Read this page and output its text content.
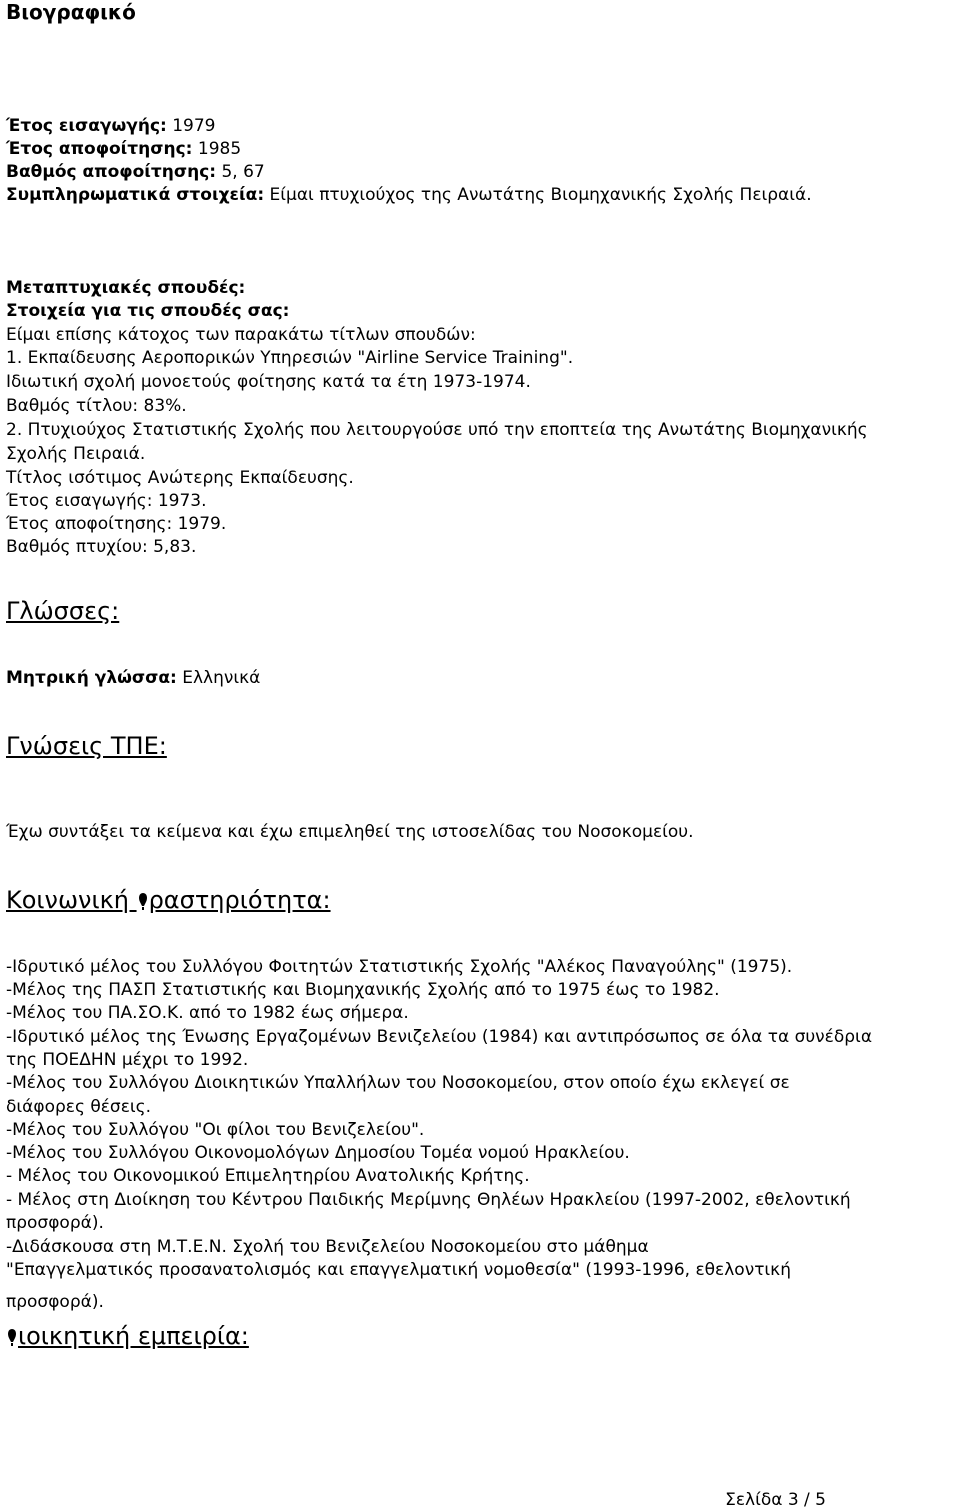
Βιογραφικό
Έτος εισαγωγής: 1979
Έτος αποφοίτησης: 1985
Βαθμός αποφοίτησης: 5, 67
Συμπληρωματικά στοιχεία: Είμαι πτυχιούχος της Ανωτάτης Βιομηχανικής Σχολής Πειραιά.
Μεταπτυχιακές σπουδές:
Στοιχεία για τις σπουδές σας:
Είμαι επίσης κάτοχος των παρακάτω τίτλων σπουδών:
1. Εκπαίδευσης Αεροπορικών Υπηρεσιών "Airline Service Training".
Ιδιωτική σχολή μονοετούς φοίτησης κατά τα έτη 1973-1974.
Βαθμός τίτλου: 83%.
2. Πτυχιούχος Στατιστικής Σχολής που λειτουργούσε υπό την εποπτεία της Ανωτάτης Βιομηχανικής
Σχολής Πειραιά.
Τίτλος ισότιμος Ανώτερης Εκπαίδευσης.
Έτος εισαγωγής: 1973.
Έτος αποφοίτησης: 1979.
Βαθμός πτυχίου: 5,83.
Γλώσσες:
Μητρική γλώσσα: Ελληνικά
Γνώσεις ΤΠΕ:
Έχω συντάξει τα κείμενα και έχω επιμεληθεί της ιστοσελίδας του Νοσοκομείου.
Κοινωνική ραστηριότητα:
-Ιδρυτικό μέλος του Συλλόγου Φοιτητών Στατιστικής Σχολής "Αλέκος Παναγούλης" (1975).
-Μέλος της ΠΑΣΠ Στατιστικής και Βιομηχανικής Σχολής από το 1975 έως το 1982.
-Μέλος του ΠΑ.ΣΟ.Κ. από το 1982 έως σήμερα.
-Ιδρυτικό μέλος της Ένωσης Εργαζομένων Βενιζελείου (1984) και αντιπρόσωπος σε όλα τα συνέδρια
της ΠΟΕΔΗΝ μέχρι το 1992.
-Μέλος του Συλλόγου Διοικητικών Υπαλλήλων του Νοσοκομείου, στον οποίο έχω εκλεγεί σε
διάφορες θέσεις.
-Μέλος του Συλλόγου "Οι φίλοι του Βενιζελείου".
-Μέλος του Συλλόγου Οικονομολόγων Δημοσίου Τομέα νομού Ηρακλείου.
- Μέλος του Οικονομικού Επιμελητηρίου Ανατολικής Κρήτης.
- Μέλος στη Διοίκηση του Κέντρου Παιδικής Μερίμνης Θηλέων Ηρακλείου (1997-2002, εθελοντική
προσφορά).
-Διδάσκουσα στη Μ.Τ.Ε.Ν. Σχολή του Βενιζελείου Νοσοκομείου στο μάθημα
"Επαγγελματικός προσανατολισμός και επαγγελματική νομοθεσία" (1993-1996, εθελοντική
προσφορά).
ιοικητική εμπειρία:
Σελίδα 3 / 5
